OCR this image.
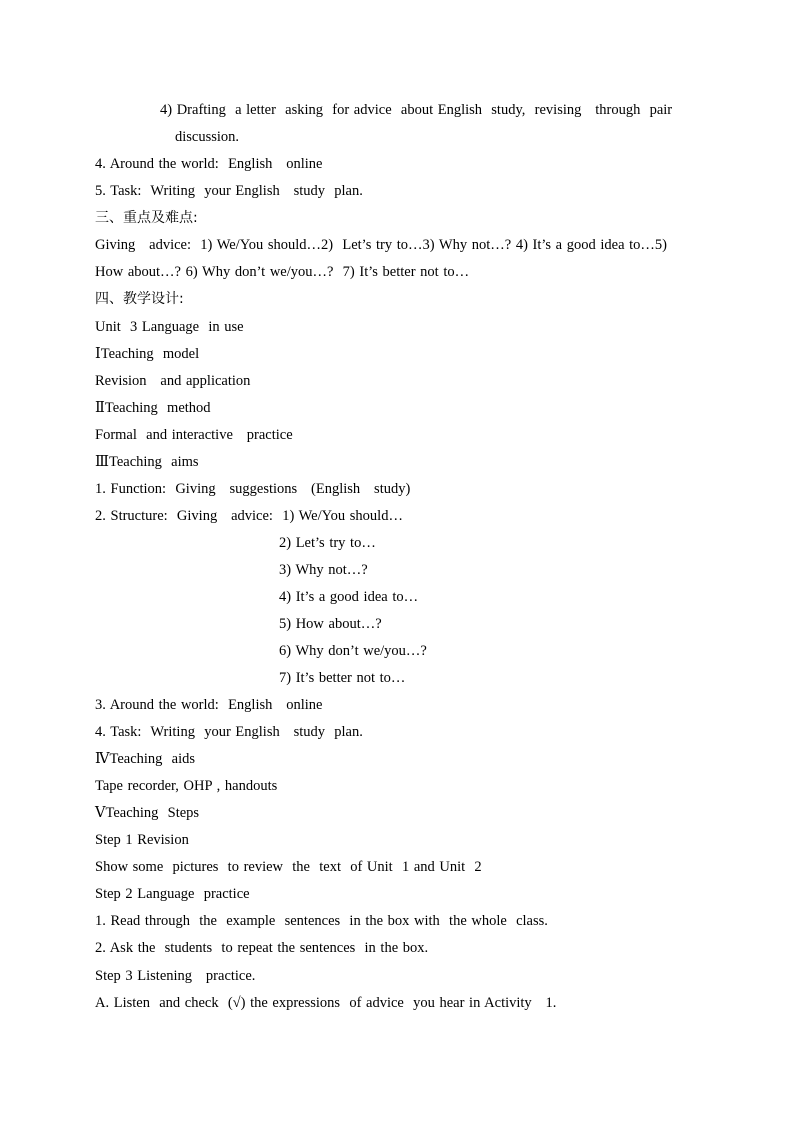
4) Drafting  a letter  asking  for advice  about English  study,  revising   through  pair
discussion.
4. Around the world:  English   online
5. Task:  Writing  your English   study  plan.
三、重点及难点:
Giving   advice:  1) We/You should…2)  Let’s try to…3) Why not…? 4) It’s a good idea to…5)
How about…? 6) Why don’t we/you…?  7) It’s better not to…
四、教学设计:
Unit  3 Language  in use
ⅠTeaching  model
Revision   and application
ⅡTeaching  method
Formal  and interactive   practice
ⅢTeaching  aims
1. Function:  Giving   suggestions   (English   study)
2. Structure:  Giving   advice:  1) We/You should…
2) Let’s try to…
3) Why not…?
4) It’s a good idea to…
5) How about…?
6) Why don’t we/you…?
7) It’s better not to…
3. Around the world:  English   online
4. Task:  Writing  your English   study  plan.
ⅣTeaching  aids
Tape recorder, OHP , handouts
ⅤTeaching  Steps
Step 1 Revision
Show some  pictures  to review  the  text  of Unit  1 and Unit  2
Step 2 Language  practice
1. Read through  the  example  sentences  in the box with  the whole  class.
2. Ask the  students  to repeat the sentences  in the box.
Step 3 Listening   practice.
A. Listen  and check  (√) the expressions  of advice  you hear in Activity   1.
